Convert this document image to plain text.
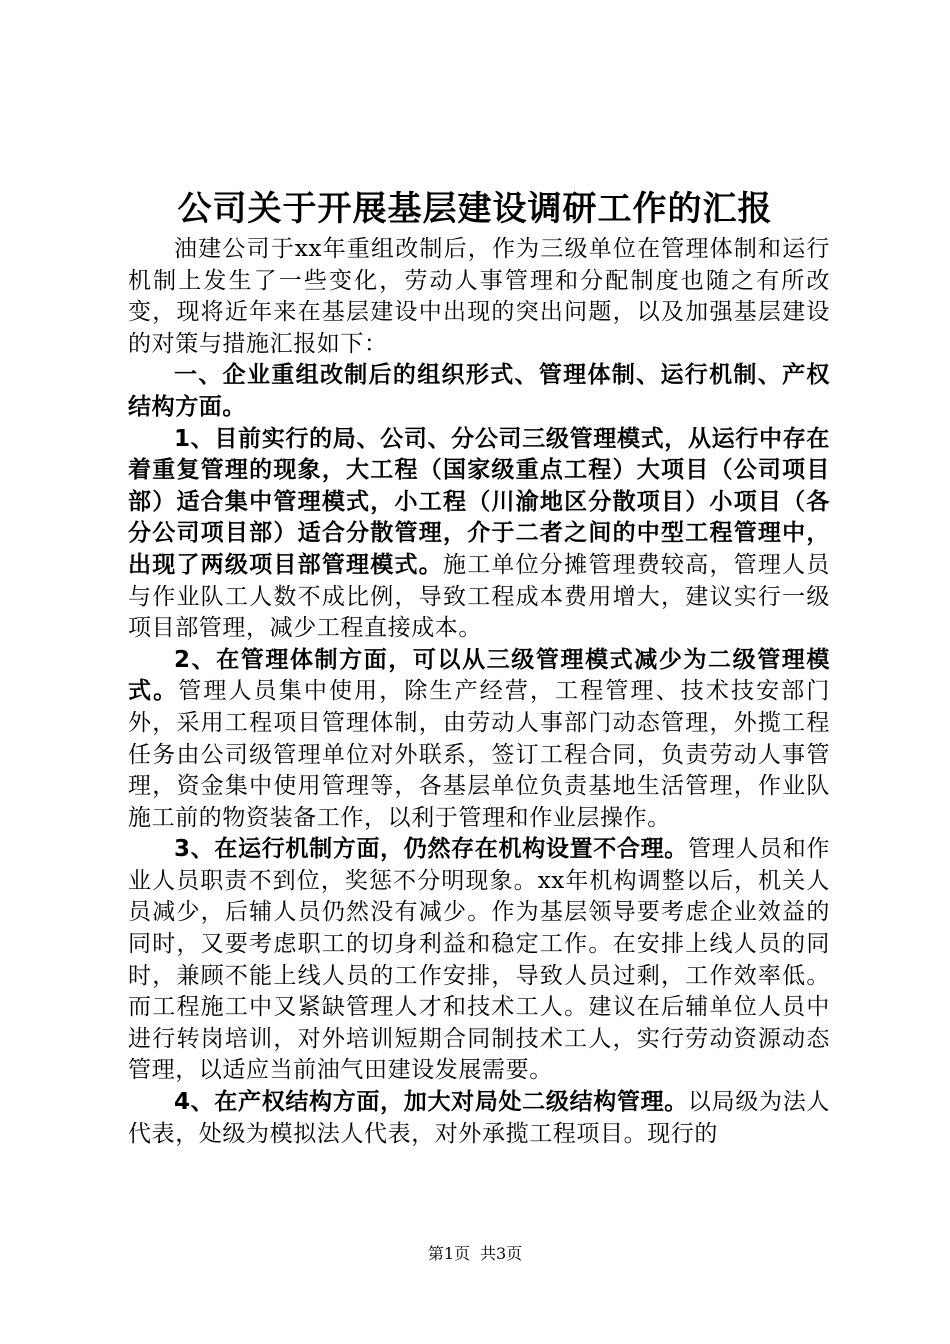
公司关于开展基层建设调研工作的汇报

油建公司于xx年重组改制后，作为三级单位在管理体制和运行机制上发生了一些变化，劳动人事管理和分配制度也随之有所改变，现将近年来在基层建设中出现的突出问题，以及加强基层建设的对策与措施汇报如下：

一、企业重组改制后的组织形式、管理体制、运行机制、产权结构方面。

1、目前实行的局、公司、分公司三级管理模式，从运行中存在着重复管理的现象，大工程（国家级重点工程）大项目（公司项目部）适合集中管理模式，小工程（川渝地区分散项目）小项目（各分公司项目部）适合分散管理，介于二者之间的中型工程管理中，出现了两级项目部管理模式。施工单位分摊管理费较高，管理人员与作业队工人数不成比例，导致工程成本费用增大，建议实行一级项目部管理，减少工程直接成本。

2、在管理体制方面，可以从三级管理模式减少为二级管理模式。管理人员集中使用，除生产经营，工程管理、技术技安部门外，采用工程项目管理体制，由劳动人事部门动态管理，外揽工程任务由公司级管理单位对外联系，签订工程合同，负责劳动人事管理，资金集中使用管理等，各基层单位负责基地生活管理，作业队施工前的物资装备工作，以利于管理和作业层操作。

3、在运行机制方面，仍然存在机构设置不合理。管理人员和作业人员职责不到位，奖惩不分明现象。xx年机构调整以后，机关人员减少，后辅人员仍然没有减少。作为基层领导要考虑企业效益的同时，又要考虑职工的切身利益和稳定工作。在安排上线人员的同时，兼顾不能上线人员的工作安排，导致人员过剩，工作效率低。而工程施工中又紧缺管理人才和技术工人。建议在后辅单位人员中进行转岗培训，对外培训短期合同制技术工人，实行劳动资源动态管理，以适应当前油气田建设发展需要。

4、在产权结构方面，加大对局处二级结构管理。以局级为法人代表，处级为模拟法人代表，对外承揽工程项目。现行的

第1页 共3页
